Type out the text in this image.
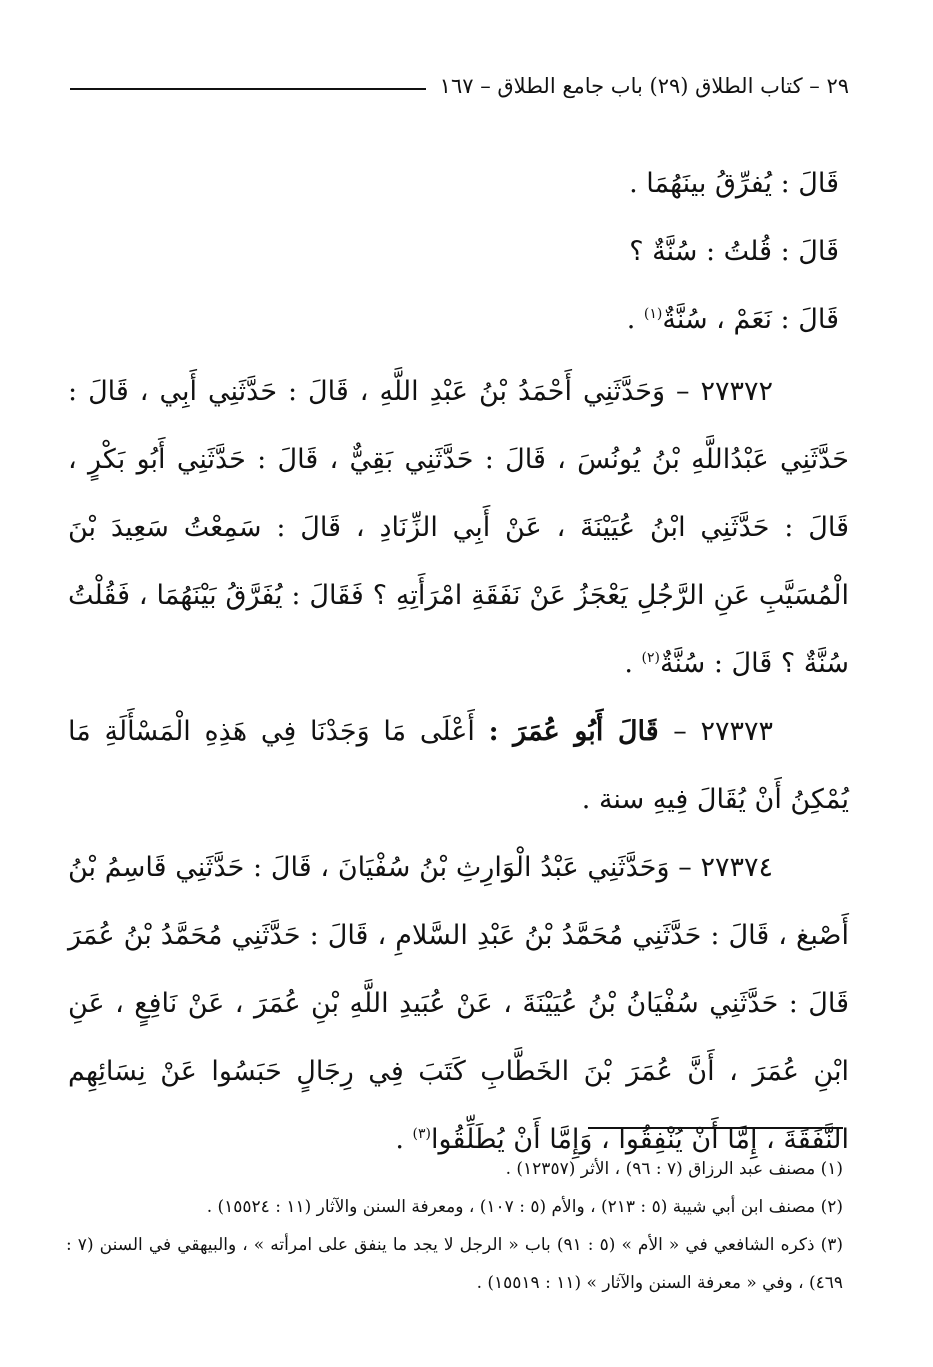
٢٩ – كتاب الطلاق (٢٩) باب جامع الطلاق – ١٦٧

قَالَ : يُفرِّقُ بينَهُمَا .

قَالَ : قُلتُ : سُنَّةٌ ؟

قَالَ : نَعَمْ ، سُنَّةٌ$^{(١)}$ .

٢٧٣٧٢ – وَحَدَّثَنِي أَحْمَدُ بْنُ عَبْدِ اللَّهِ ، قَالَ : حَدَّثَنِي أَبِي ، قَالَ : حَدَّثَنِي عَبْدُاللَّهِ بْنُ يُونُسَ ، قَالَ : حَدَّثَنِي بَقِيٌّ ، قَالَ : حَدَّثَنِي أَبُو بَكْرٍ ، قَالَ : حَدَّثَنِي ابْنُ عُيَيْنَةَ ، عَنْ أَبِي الزِّنَادِ ، قَالَ : سَمِعْتُ سَعِيدَ بْنَ الْمُسَيَّبِ عَنِ الرَّجُلِ يَعْجَزُ عَنْ نَفَقَةِ امْرَأَتِهِ ؟ فَقَالَ : يُفَرَّقُ بَيْنَهُمَا ، فَقُلْتُ سُنَّةٌ ؟ قَالَ : سُنَّةٌ$^{(٢)}$ .

٢٧٣٧٣ – قَالَ أَبُو عُمَرَ : أَعْلَى مَا وَجَدْنَا فِي هَذِهِ الْمَسْأَلَةِ مَا يُمْكِنُ أَنْ يُقَالَ فِيهِ سنة .

٢٧٣٧٤ – وَحَدَّثَنِي عَبْدُ الْوَارِثِ بْنُ سُفْيَانَ ، قَالَ : حَدَّثَنِي قَاسِمُ بْنُ أَصْبغ ، قَالَ : حَدَّثَنِي مُحَمَّدُ بْنُ عَبْدِ السَّلامِ ، قَالَ : حَدَّثَنِي مُحَمَّدُ بْنُ عُمَرَ قَالَ : حَدَّثَنِي سُفْيَانُ بْنُ عُيَيْنَةَ ، عَنْ عُبَيدِ اللَّهِ بْنِ عُمَرَ ، عَنْ نَافِعٍ ، عَنِ ابْنِ عُمَرَ ، أَنَّ عُمَرَ بْنَ الخَطَّابِ كَتَبَ فِي رِجَالٍ حَبَسُوا عَنْ نِسَائِهِم النَّفَقَةَ ، إِمَّا أَنْ يُنْفِقُوا ، وَإِمَّا أَنْ يُطَلِّقُوا$^{(٣)}$ .

(١) مصنف عبد الرزاق (٧ : ٩٦) ، الأثر (١٢٣٥٧) .

(٢) مصنف ابن أبي شيبة (٥ : ٢١٣) ، والأم (٥ : ١٠٧) ، ومعرفة السنن والآثار (١١ : ١٥٥٢٤) .

(٣) ذكره الشافعي في « الأم » (٥ : ٩١) باب « الرجل لا يجد ما ينفق على امرأته » ، والبيهقي في السنن (٧ : ٤٦٩) ، وفي « معرفة السنن والآثار » (١١ : ١٥٥١٩) .
